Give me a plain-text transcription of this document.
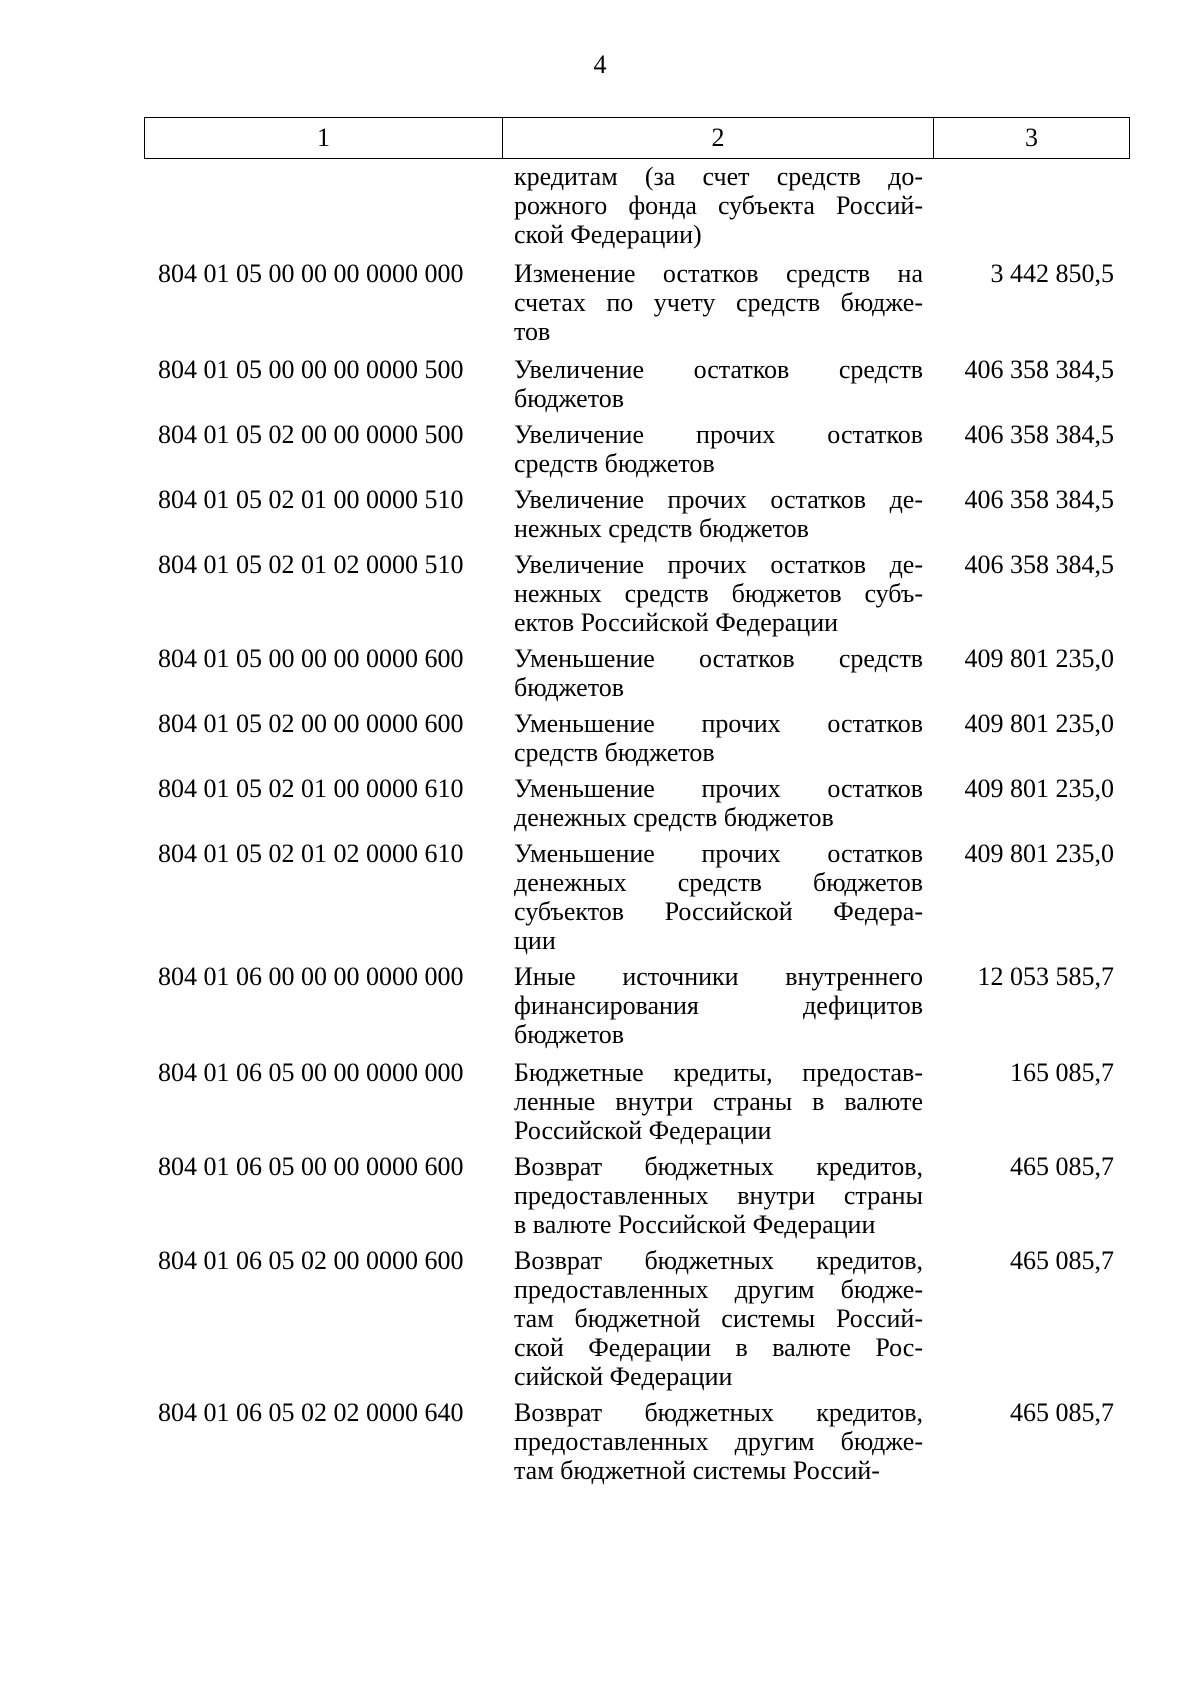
4
1	2	3
кредитам (за счет средств до-
рожного фонда субъекта Россий-
ской Федерации)
804 01 05 00 00 00 0000 000	Изменение остатков средств на
счетах по учету средств бюдже-
тов
3 442 850,5
804 01 05 00 00 00 0000 500	Увеличение остатков средств
бюджетов
406 358 384,5
804 01 05 02 00 00 0000 500	Увеличение прочих остатков
средств бюджетов
406 358 384,5
804 01 05 02 01 00 0000 510	Увеличение прочих остатков де-
нежных средств бюджетов
406 358 384,5
804 01 05 02 01 02 0000 510	Увеличение прочих остатков де-
нежных средств бюджетов субъ-
ектов Российской Федерации
406 358 384,5
804 01 05 00 00 00 0000 600	Уменьшение остатков средств
бюджетов
409 801 235,0
804 01 05 02 00 00 0000 600	Уменьшение прочих остатков
средств бюджетов
409 801 235,0
804 01 05 02 01 00 0000 610	Уменьшение прочих остатков
денежных средств бюджетов
409 801 235,0
804 01 05 02 01 02 0000 610	Уменьшение прочих остатков
денежных средств бюджетов
субъектов Российской Федера-
ции
409 801 235,0
804 01 06 00 00 00 0000 000	Иные источники внутреннего
финансирования дефицитов
бюджетов
12 053 585,7
804 01 06 05 00 00 0000 000	Бюджетные кредиты, предостав-
ленные внутри страны в валюте
Российской Федерации
165 085,7
804 01 06 05 00 00 0000 600	Возврат бюджетных кредитов,
предоставленных внутри страны
в валюте Российской Федерации
465 085,7
804 01 06 05 02 00 0000 600	Возврат бюджетных кредитов,
предоставленных другим бюдже-
там бюджетной системы Россий-
ской Федерации в валюте Рос-
сийской Федерации
465 085,7
804 01 06 05 02 02 0000 640	Возврат бюджетных кредитов,
предоставленных другим бюдже-
там бюджетной системы Россий-
465 085,7
